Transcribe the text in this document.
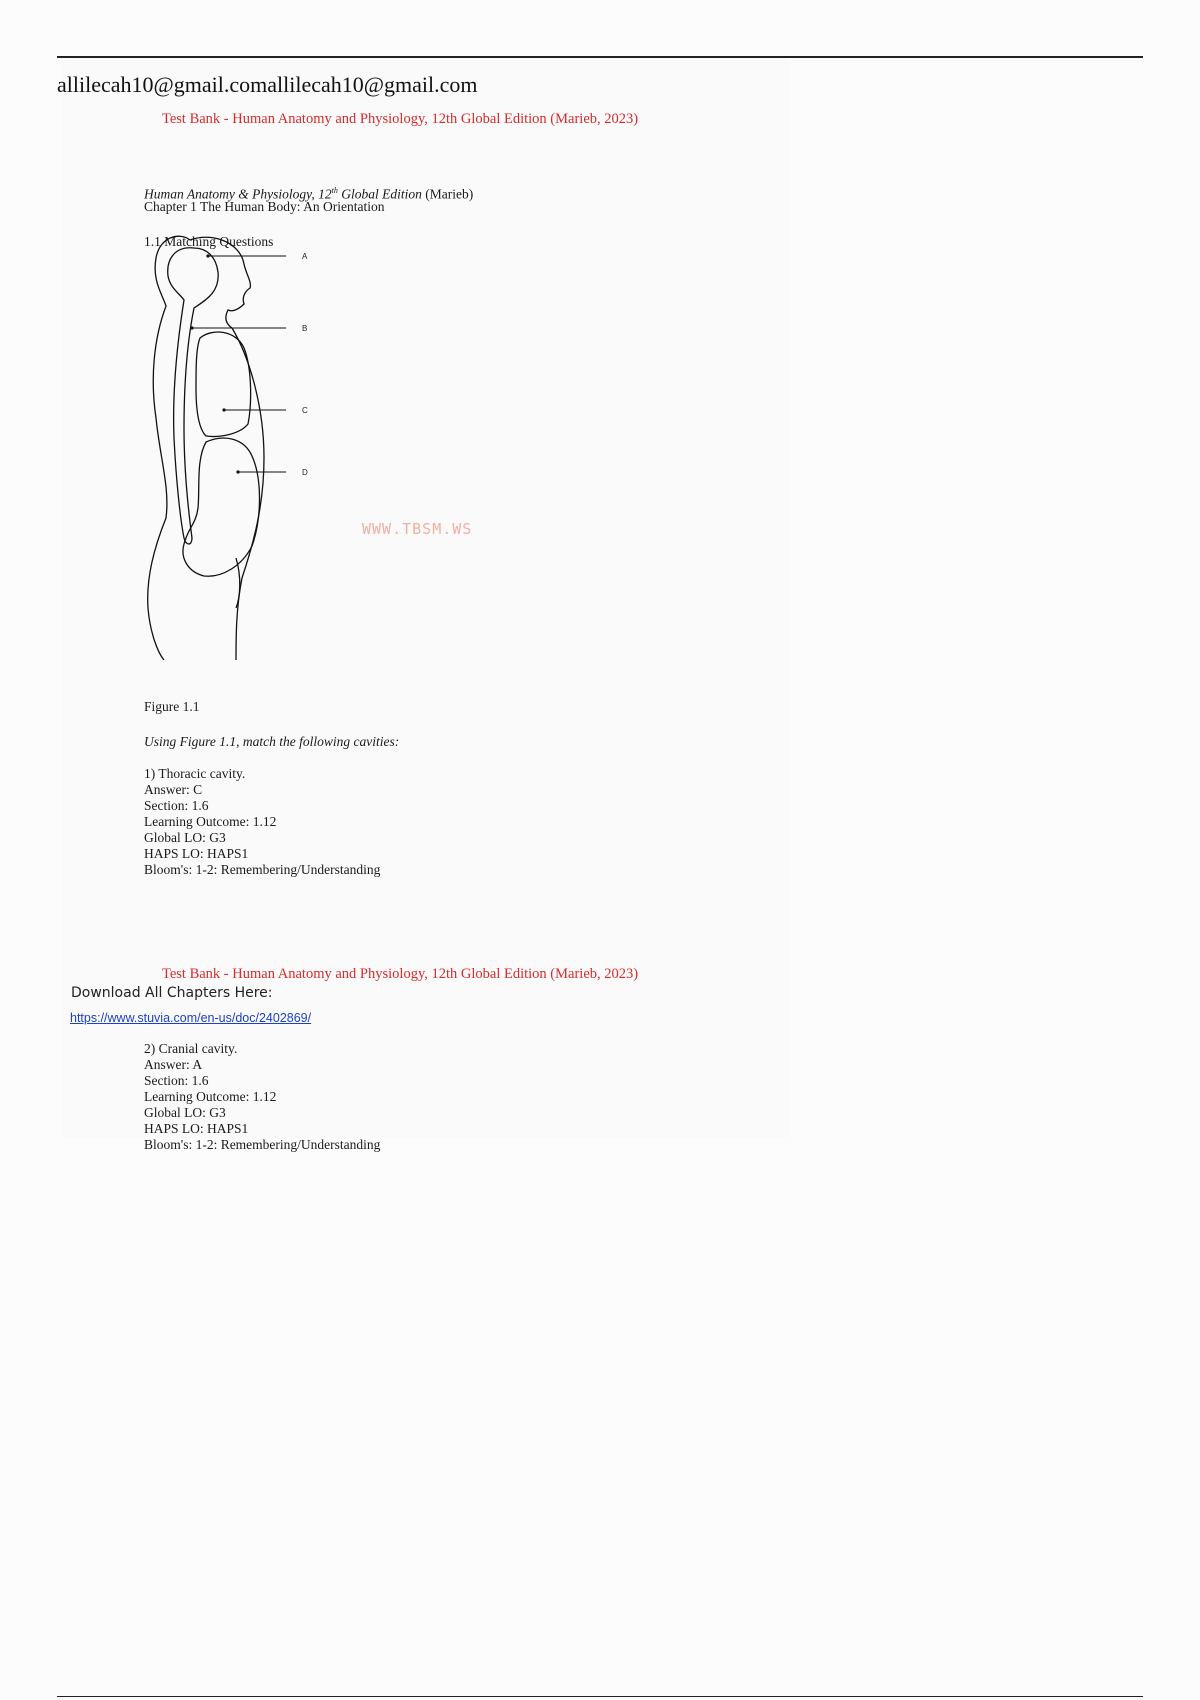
allilecah10@gmail.comallilecah10@gmail.com
Test Bank - Human Anatomy and Physiology, 12th Global Edition (Marieb, 2023)
Human Anatomy & Physiology, 12th Global Edition (Marieb)
Chapter 1 The Human Body: An Orientation
1.1 Matching Questions
A
B
C
D
WWW.TBSM.WS
Figure 1.1
Using Figure 1.1, match the following cavities:
1) Thoracic cavity.
Answer: C
Section: 1.6
Learning Outcome: 1.12
Global LO: G3
HAPS LO: HAPS1
Bloom's: 1-2: Remembering/Understanding
Test Bank - Human Anatomy and Physiology, 12th Global Edition (Marieb, 2023)
Download All Chapters Here:
https://www.stuvia.com/en-us/doc/2402869/
2) Cranial cavity.
Answer: A
Section: 1.6
Learning Outcome: 1.12
Global LO: G3
HAPS LO: HAPS1
Bloom's: 1-2: Remembering/Understanding
